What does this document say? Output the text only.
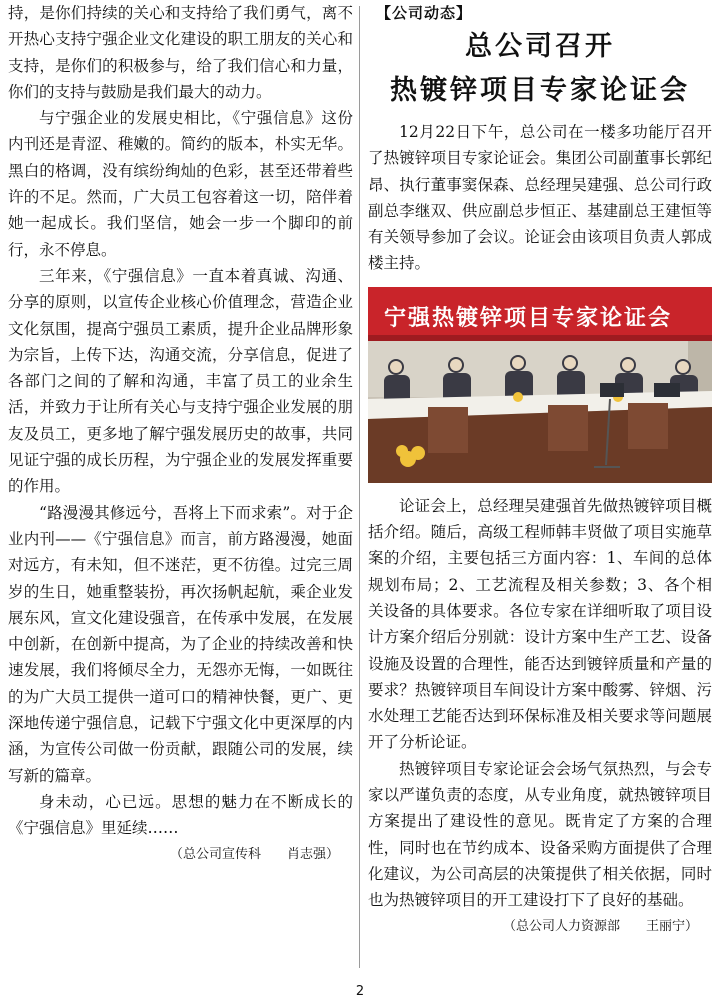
持，是你们持续的关心和支持给了我们勇气，离不开热心支持宁强企业文化建设的职工朋友的关心和支持，是你们的积极参与，给了我们信心和力量，你们的支持与鼓励是我们最大的动力。

与宁强企业的发展史相比，《宁强信息》这份内刊还是青涩、稚嫩的。简约的版本，朴实无华。黑白的格调，没有缤纷绚灿的色彩，甚至还带着些许的不足。然而，广大员工包容着这一切，陪伴着她一起成长。我们坚信，她会一步一个脚印的前行，永不停息。

三年来，《宁强信息》一直本着真诚、沟通、分享的原则，以宣传企业核心价值理念，营造企业文化氛围，提高宁强员工素质，提升企业品牌形象为宗旨，上传下达，沟通交流，分享信息，促进了各部门之间的了解和沟通，丰富了员工的业余生活，并致力于让所有关心与支持宁强企业发展的朋友及员工，更多地了解宁强发展历史的故事，共同见证宁强的成长历程，为宁强企业的发展发挥重要的作用。

“路漫漫其修远兮，吾将上下而求索”。对于企业内刊——《宁强信息》而言，前方路漫漫，她面对远方，有未知，但不迷茫，更不彷徨。过完三周岁的生日，她重整装扮，再次扬帆起航，乘企业发展东风，宣文化建设强音，在传承中发展，在发展中创新，在创新中提高，为了企业的持续改善和快速发展，我们将倾尽全力，无怨亦无悔，一如既往的为广大员工提供一道可口的精神快餐，更广、更深地传递宁强信息，记载下宁强文化中更深厚的内涵，为宣传公司做一份贡献，跟随公司的发展，续写新的篇章。

身未动，心已远。思想的魅力在不断成长的《宁强信息》里延续……

（总公司宣传科　　肖志强）
【公司动态】
总公司召开
热镀锌项目专家论证会

12月22日下午，总公司在一楼多功能厅召开了热镀锌项目专家论证会。集团公司副董事长郭纪昂、执行董事窦保森、总经理吴建强、总公司行政副总李继双、供应副总步恒正、基建副总王建恒等有关领导参加了会议。论证会由该项目负责人郭成楼主持。

宁强热镀锌项目专家论证会

论证会上，总经理吴建强首先做热镀锌项目概括介绍。随后，高级工程师韩丰贤做了项目实施草案的介绍，主要包括三方面内容：1、车间的总体规划布局；2、工艺流程及相关参数；3、各个相关设备的具体要求。各位专家在详细听取了项目设计方案介绍后分别就：设计方案中生产工艺、设备设施及设置的合理性，能否达到镀锌质量和产量的要求？热镀锌项目车间设计方案中酸雾、锌烟、污水处理工艺能否达到环保标准及相关要求等问题展开了分析论证。

热镀锌项目专家论证会会场气氛热烈，与会专家以严谨负责的态度，从专业角度，就热镀锌项目方案提出了建设性的意见。既肯定了方案的合理性，同时也在节约成本、设备采购方面提供了合理化建议，为公司高层的决策提供了相关依据，同时也为热镀锌项目的开工建设打下了良好的基础。

（总公司人力资源部　　王丽宁）
2
